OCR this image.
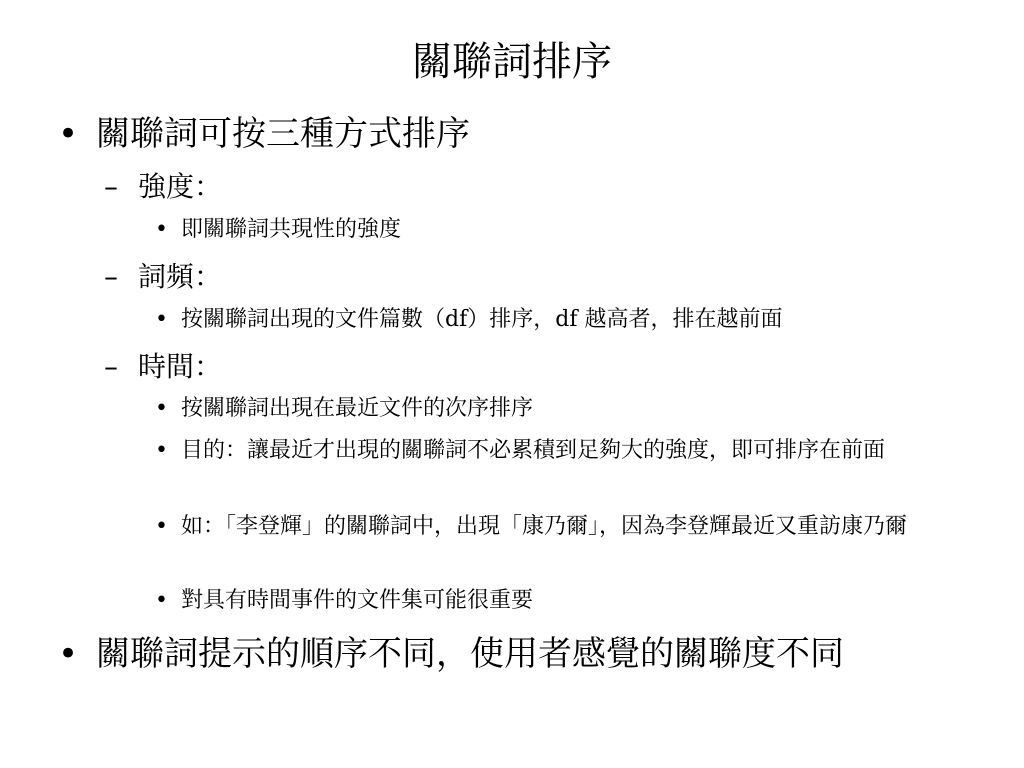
關聯詞排序
• 關聯詞可按三種方式排序
– 強度：
• 即關聯詞共現性的強度
– 詞頻：
• 按關聯詞出現的文件篇數（df）排序，df 越高者，排在越前面
– 時間：
• 按關聯詞出現在最近文件的次序排序
• 目的：讓最近才出現的關聯詞不必累積到足夠大的強度，即可排序在前面
• 如：「李登輝」的關聯詞中，出現「康乃爾」，因為李登輝最近又重訪康乃爾
• 對具有時間事件的文件集可能很重要
• 關聯詞提示的順序不同，使用者感覺的關聯度不同
